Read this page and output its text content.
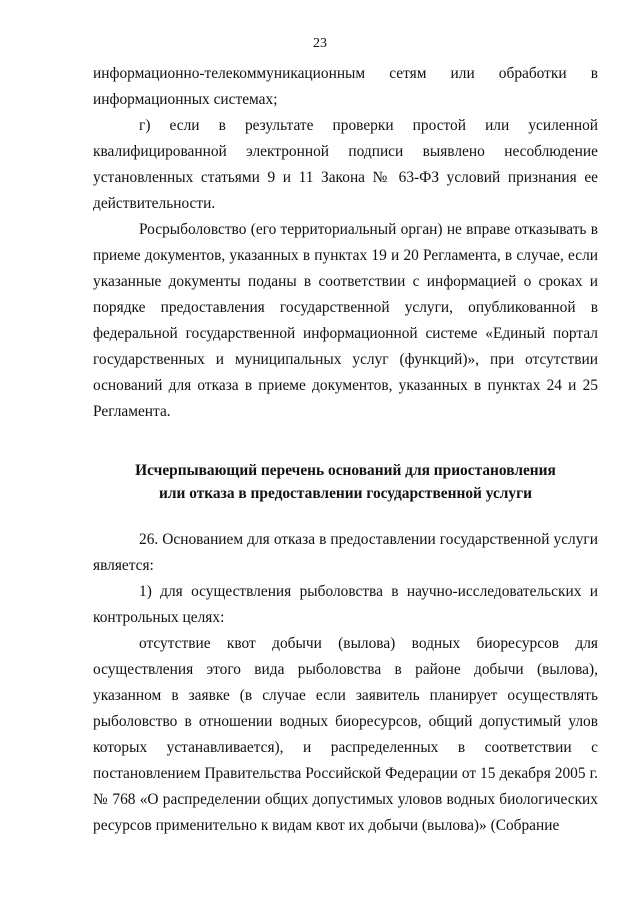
23

информационно-телекоммуникационным сетям или обработки в информационных системах;

г) если в результате проверки простой или усиленной квалифицированной электронной подписи выявлено несоблюдение установленных статьями 9 и 11 Закона № 63-ФЗ условий признания ее действительности.

Росрыболовство (его территориальный орган) не вправе отказывать в приеме документов, указанных в пунктах 19 и 20 Регламента, в случае, если указанные документы поданы в соответствии с информацией о сроках и порядке предоставления государственной услуги, опубликованной в федеральной государственной информационной системе «Единый портал государственных и муниципальных услуг (функций)», при отсутствии оснований для отказа в приеме документов, указанных в пунктах 24 и 25 Регламента.

Исчерпывающий перечень оснований для приостановления
или отказа в предоставлении государственной услуги

26. Основанием для отказа в предоставлении государственной услуги является:

1) для осуществления рыболовства в научно-исследовательских и контрольных целях:

отсутствие квот добычи (вылова) водных биоресурсов для осуществления этого вида рыболовства в районе добычи (вылова), указанном в заявке (в случае если заявитель планирует осуществлять рыболовство в отношении водных биоресурсов, общий допустимый улов которых устанавливается), и распределенных в соответствии с постановлением Правительства Российской Федерации от 15 декабря 2005 г. № 768 «О распределении общих допустимых уловов водных биологических ресурсов применительно к видам квот их добычи (вылова)» (Собрание
